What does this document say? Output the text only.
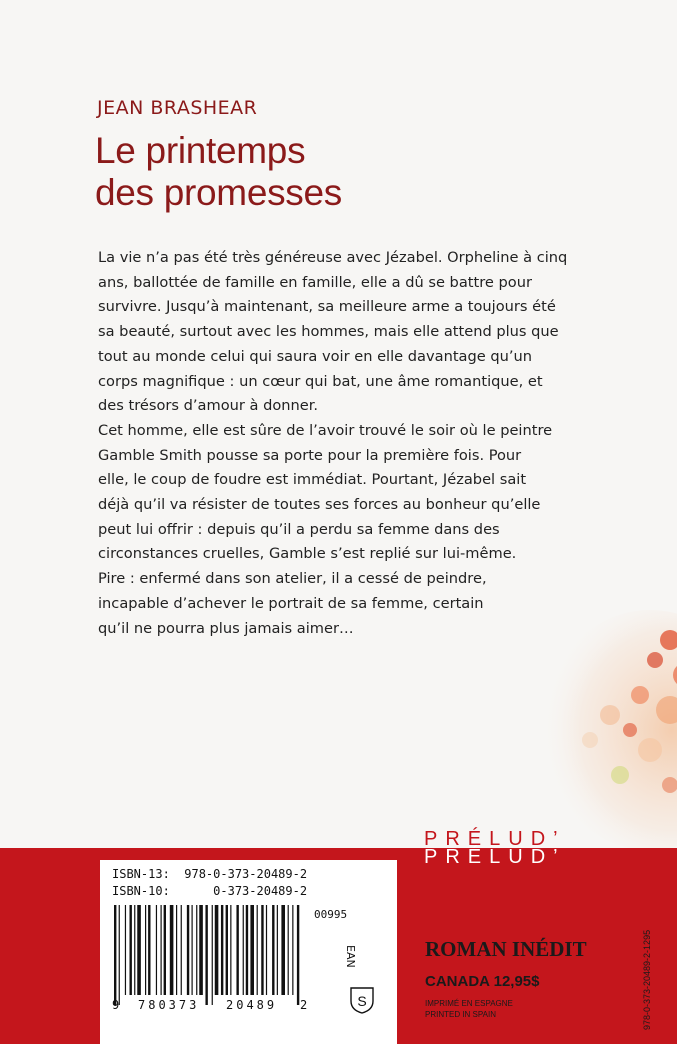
JEAN BRASHEAR
Le printemps
des promesses

La vie n’a pas été très généreuse avec Jézabel. Orpheline à cinq

ans, ballottée de famille en famille, elle a dû se battre pour

survivre. Jusqu’à maintenant, sa meilleure arme a toujours été

sa beauté, surtout avec les hommes, mais elle attend plus que

tout au monde celui qui saura voir en elle davantage qu’un

corps magnifique : un cœur qui bat, une âme romantique, et

des trésors d’amour à donner.

Cet homme, elle est sûre de l’avoir trouvé le soir où le peintre

Gamble Smith pousse sa porte pour la première fois. Pour

elle, le coup de foudre est immédiat. Pourtant, Jézabel sait

déjà qu’il va résister de toutes ses forces au bonheur qu’elle

peut lui offrir : depuis qu’il a perdu sa femme dans des

circonstances cruelles, Gamble s’est replié sur lui-même.

Pire : enfermé dans son atelier, il a cessé de peindre,

incapable d’achever le portrait de sa femme, certain

qu’il ne pourra plus jamais aimer…

PRÉLUD’
PRÉLUD’
ISBN-13: 978-0-373-20489-2
ISBN-10:	0-373-20489-2
00995
9 780373 20489 2
EAN
S
ROMAN INÉDIT
CANADA 12,95$
IMPRIMÉ EN ESPAGNE
PRINTED IN SPAIN	978-0-373-20489-2-1295
